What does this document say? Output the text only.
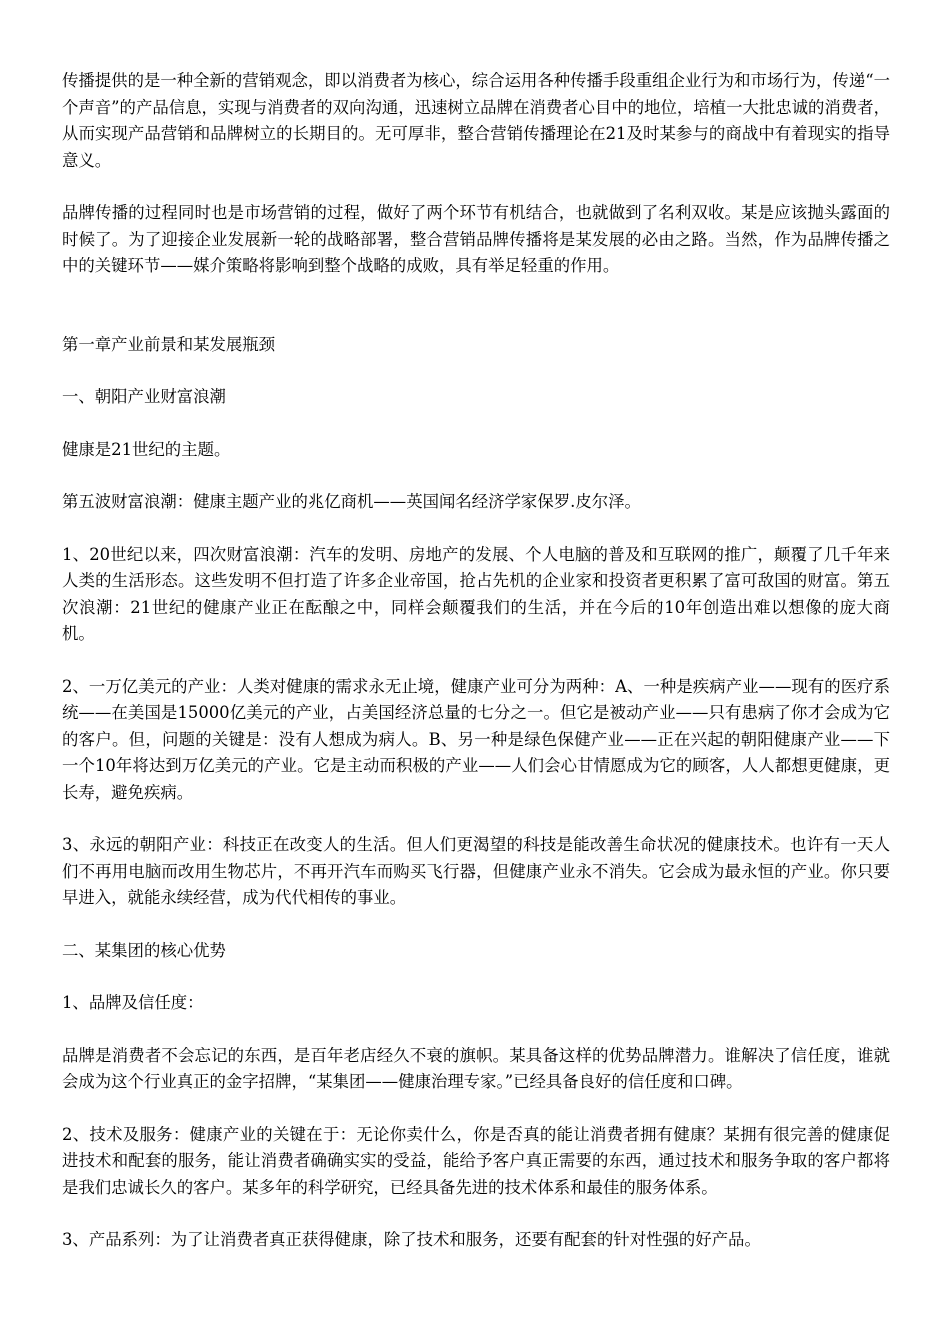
传播提供的是一种全新的营销观念，即以消费者为核心，综合运用各种传播手段重组企业行为和市场行为，传递“一个声音”的产品信息，实现与消费者的双向沟通，迅速树立品牌在消费者心目中的地位，培植一大批忠诚的消费者，从而实现产品营销和品牌树立的长期目的。无可厚非，整合营销传播理论在21及时某参与的商战中有着现实的指导意义。

品牌传播的过程同时也是市场营销的过程，做好了两个环节有机结合，也就做到了名利双收。某是应该抛头露面的时候了。为了迎接企业发展新一轮的战略部署，整合营销品牌传播将是某发展的必由之路。当然，作为品牌传播之中的关键环节——媒介策略将影响到整个战略的成败，具有举足轻重的作用。

第一章产业前景和某发展瓶颈

一、朝阳产业财富浪潮

健康是21世纪的主题。

第五波财富浪潮：健康主题产业的兆亿商机——英国闻名经济学家保罗.皮尔泽。

1、20世纪以来，四次财富浪潮：汽车的发明、房地产的发展、个人电脑的普及和互联网的推广，颠覆了几千年来人类的生活形态。这些发明不但打造了许多企业帝国，抢占先机的企业家和投资者更积累了富可敌国的财富。第五次浪潮：21世纪的健康产业正在酝酿之中，同样会颠覆我们的生活，并在今后的10年创造出难以想像的庞大商机。

2、一万亿美元的产业：人类对健康的需求永无止境，健康产业可分为两种：A、一种是疾病产业——现有的医疗系统——在美国是15000亿美元的产业，占美国经济总量的七分之一。但它是被动产业——只有患病了你才会成为它的客户。但，问题的关键是：没有人想成为病人。B、另一种是绿色保健产业——正在兴起的朝阳健康产业——下一个10年将达到万亿美元的产业。它是主动而积极的产业——人们会心甘情愿成为它的顾客，人人都想更健康，更长寿，避免疾病。

3、永远的朝阳产业：科技正在改变人的生活。但人们更渴望的科技是能改善生命状况的健康技术。也许有一天人们不再用电脑而改用生物芯片，不再开汽车而购买飞行器，但健康产业永不消失。它会成为最永恒的产业。你只要早进入，就能永续经营，成为代代相传的事业。

二、某集团的核心优势

1、品牌及信任度：

品牌是消费者不会忘记的东西，是百年老店经久不衰的旗帜。某具备这样的优势品牌潜力。谁解决了信任度，谁就会成为这个行业真正的金字招牌，“某集团——健康治理专家。”已经具备良好的信任度和口碑。

2、技术及服务：健康产业的关键在于：无论你卖什么，你是否真的能让消费者拥有健康？某拥有很完善的健康促进技术和配套的服务，能让消费者确确实实的受益，能给予客户真正需要的东西，通过技术和服务争取的客户都将是我们忠诚长久的客户。某多年的科学研究，已经具备先进的技术体系和最佳的服务体系。

3、产品系列：为了让消费者真正获得健康，除了技术和服务，还要有配套的针对性强的好产品。
